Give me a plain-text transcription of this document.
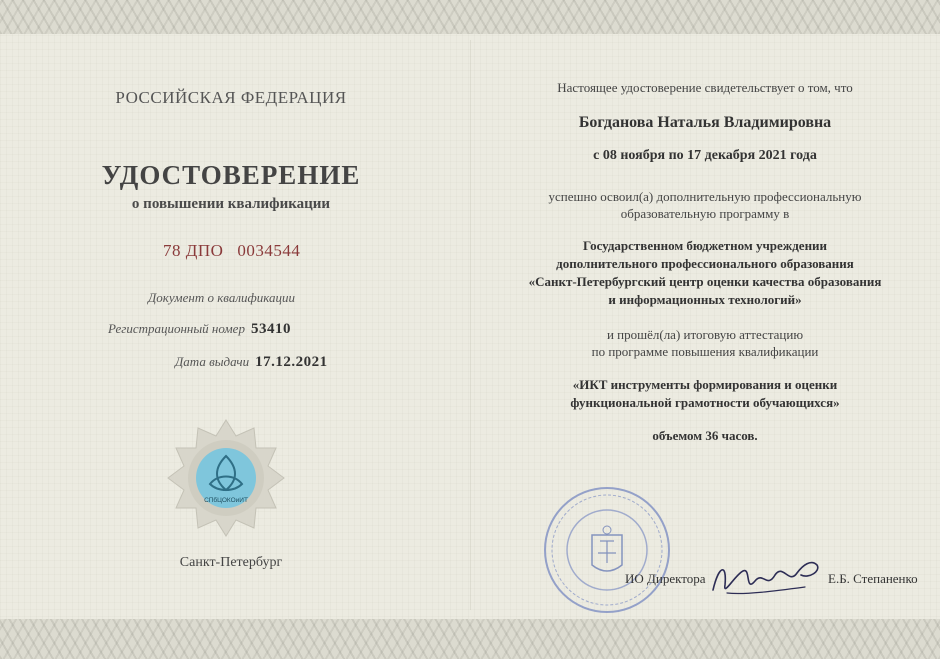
РОССИЙСКАЯ ФЕДЕРАЦИЯ
УДОСТОВЕРЕНИЕ
о повышении квалификации
78 ДПО 0034544
Документ о квалификации
Регистрационный номер 53410
Дата выдачи 17.12.2021
СПбЦОКОиИТ
Санкт-Петербург
Настоящее удостоверение свидетельствует о том, что
Богданова Наталья Владимировна
с 08 ноября по 17 декабря 2021 года
успешно освоил(а) дополнительную профессиональную
образовательную программу в
Государственном бюджетном учреждении
дополнительного профессионального образования
«Санкт-Петербургский центр оценки качества образования
и информационных технологий»
и прошёл(ла) итоговую аттестацию
по программе повышения квалификации
«ИКТ инструменты формирования и оценки
функциональной грамотности обучающихся»
объемом 36 часов.
ИО Директора	Е.Б. Степаненко
